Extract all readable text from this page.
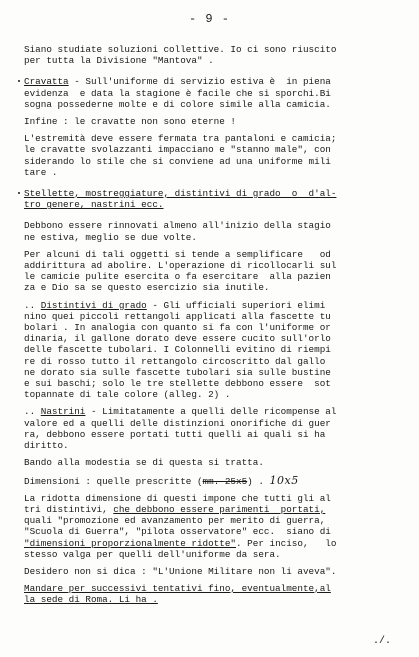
- 9 -
Siano studiate soluzioni collettive. Io ci sono riuscito
per tutta la Divisione "Mantova" .
Cravatta - Sull'uniforme di servizio estiva è  in piena
evidenza  e data la stagione è facile che si sporchi.Bi
sogna possederne molte e di colore simile alla camicia.
Infine : le cravatte non sono eterne !
L'estremità deve essere fermata tra pantaloni e camicia;
le cravatte svolazzanti impacciano e "stanno male", con
siderando lo stile che si conviene ad una uniforme mili
tare .
Stellette, mostreggiature, distintivi di grado  o  d'al-
tro genere, nastrini ecc.
Debbono essere rinnovati almeno all'inizio della stagio
ne estiva, meglio se due volte.
Per alcuni di tali oggetti si tende a semplificare   od
addirittura ad abolire. L'operazione di ricollocarli sul
le camicie pulite esercita o fa esercitare  alla pazien
za e Dio sa se questo esercizio sia inutile.
.. Distintivi di grado - Gli ufficiali superiori elimi
nino quei piccoli rettangoli applicati alla fascette tu
bolari . In analogia con quanto si fa con l'uniforme or
dinaria, il gallone dorato deve essere cucito sull'orlo
delle fascette tubolari. I Colonnelli evitino di riempi
re di rosso tutto il rettangolo circoscritto dal gallo
ne dorato sia sulle fascette tubolari sia sulle bustine
e sui baschi; solo le tre stellette debbono essere  sot
topannate di tale colore (alleg. 2) .
.. Nastrini - Limitatamente a quelli delle ricompense al
valore ed a quelli delle distinzioni onorifiche di guer
ra, debbono essere portati tutti quelli ai quali si ha
diritto.
Bando alla modestia se di questa si tratta.
Dimensioni : quelle prescritte (mm. 25x5) . 10x5
La ridotta dimensione di questi impone che tutti gli al
tri distintivi, che debbono essere parimenti  portati,
quali "promozione ed avanzamento per merito di guerra,
"Scuola di Guerra", "pilota osservatore" ecc.  siano di
"dimensioni proporzionalmente ridotte". Per inciso,   lo
stesso valga per quelli dell'uniforme da sera.
Desidero non si dica : "L'Unione Militare non li aveva".
Mandare per successivi tentativi fino, eventualmente,al
la sede di Roma. Li ha .
./.
